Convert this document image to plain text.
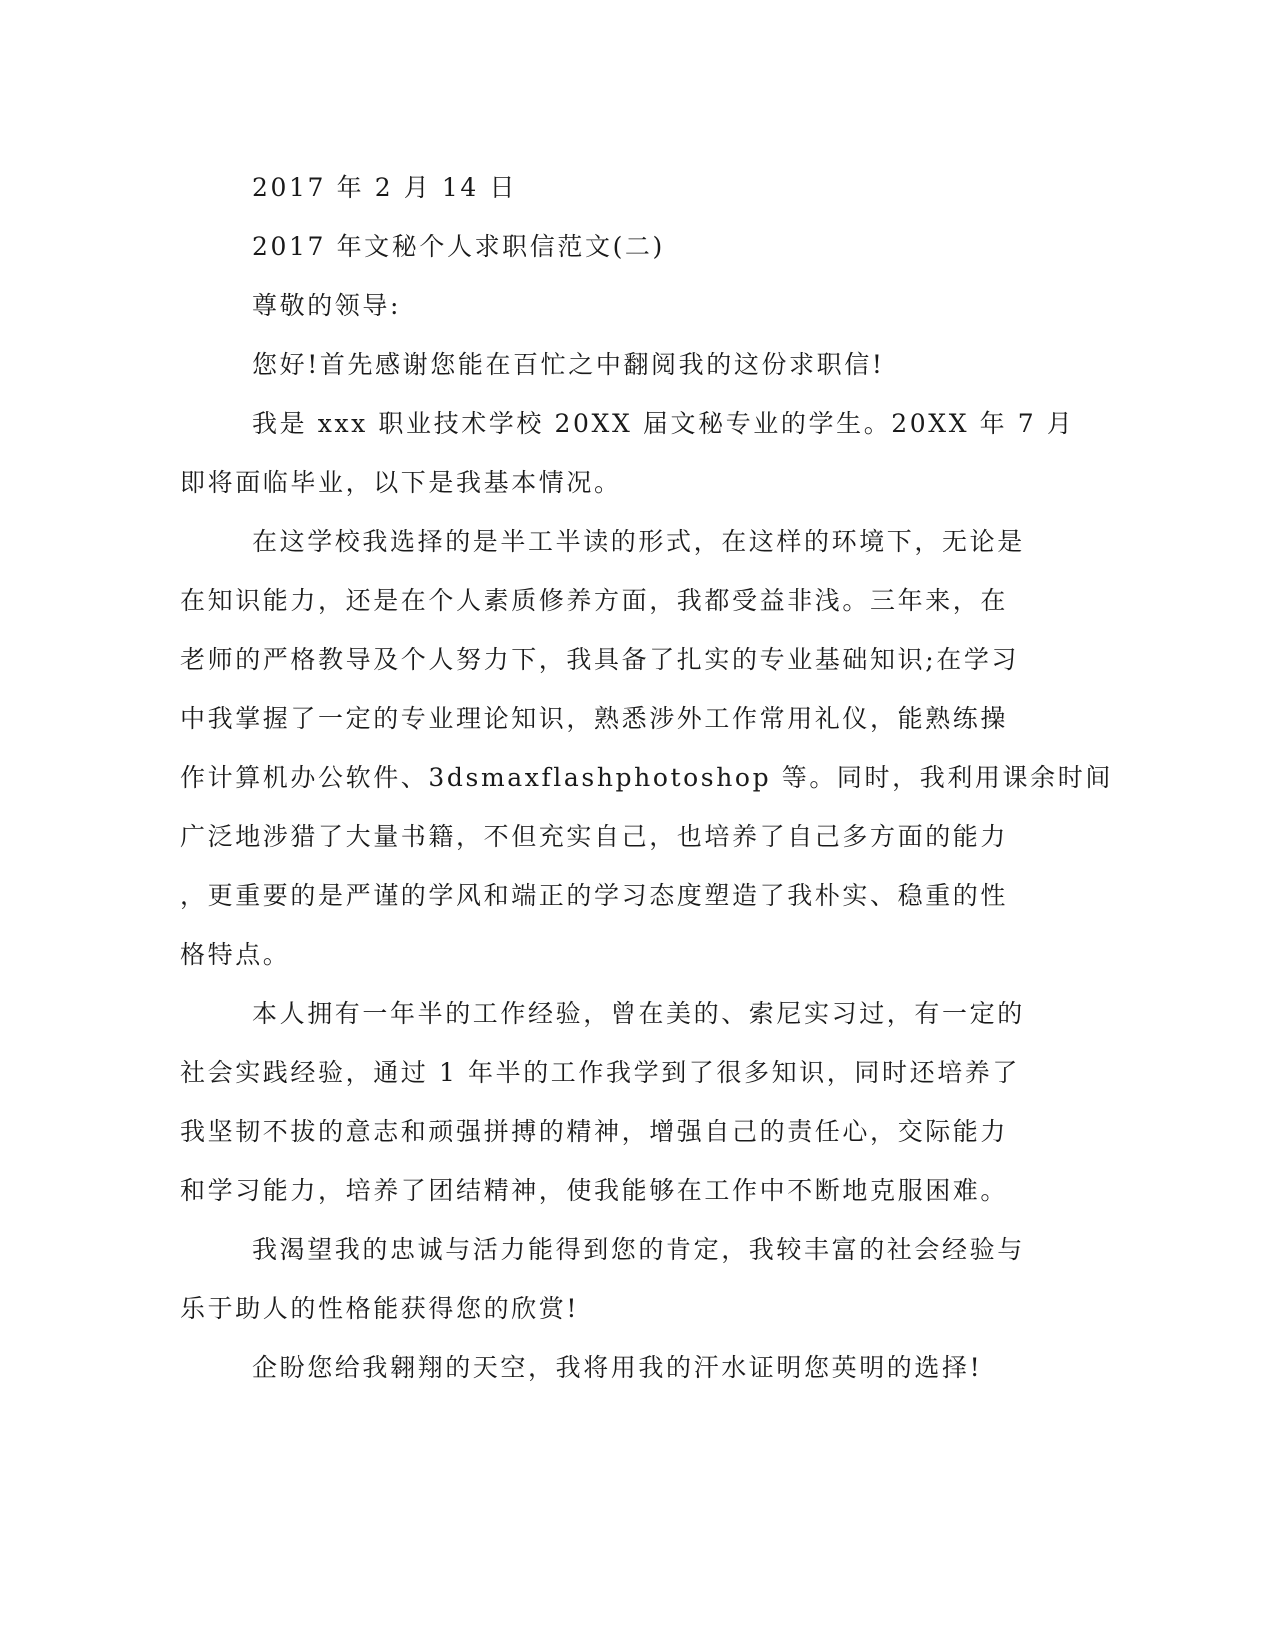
2017 年 2 月 14 日
2017 年文秘个人求职信范文(二)
尊敬的领导:
您好!首先感谢您能在百忙之中翻阅我的这份求职信!
我是 xxx 职业技术学校 20XX 届文秘专业的学生。20XX 年 7 月
即将面临毕业，以下是我基本情况。
在这学校我选择的是半工半读的形式，在这样的环境下，无论是
在知识能力，还是在个人素质修养方面，我都受益非浅。三年来，在
老师的严格教导及个人努力下，我具备了扎实的专业基础知识;在学习
中我掌握了一定的专业理论知识，熟悉涉外工作常用礼仪，能熟练操
作计算机办公软件、3dsmaxflashphotoshop 等。同时，我利用课余时间
广泛地涉猎了大量书籍，不但充实自己，也培养了自己多方面的能力
，更重要的是严谨的学风和端正的学习态度塑造了我朴实、稳重的性
格特点。
本人拥有一年半的工作经验，曾在美的、索尼实习过，有一定的
社会实践经验，通过 1 年半的工作我学到了很多知识，同时还培养了
我坚韧不拔的意志和顽强拼搏的精神，增强自己的责任心，交际能力
和学习能力，培养了团结精神，使我能够在工作中不断地克服困难。
我渴望我的忠诚与活力能得到您的肯定，我较丰富的社会经验与
乐于助人的性格能获得您的欣赏!
企盼您给我翱翔的天空，我将用我的汗水证明您英明的选择!
